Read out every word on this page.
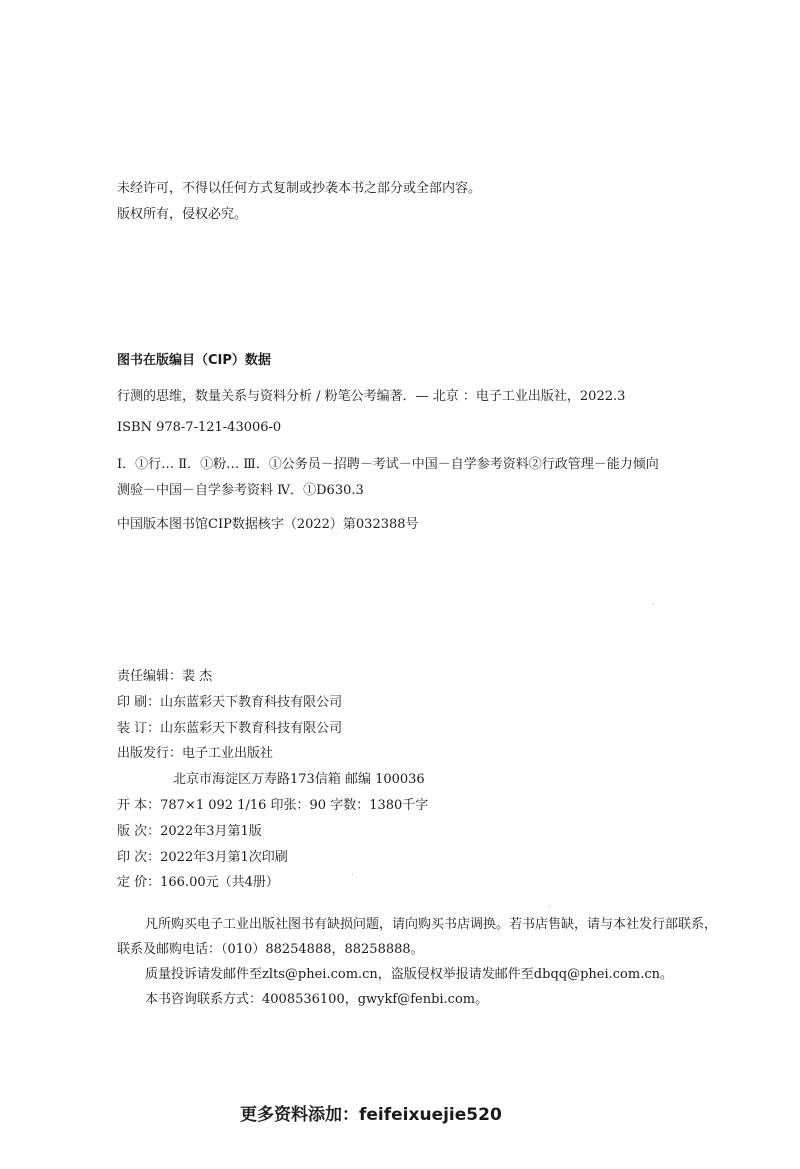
未经许可，不得以任何方式复制或抄袭本书之部分或全部内容。
版权所有，侵权必究。
图书在版编目（CIP）数据
行测的思维，数量关系与资料分析 / 粉笔公考编著．— 北京 ：电子工业出版社，2022.3
ISBN 978-7-121-43006-0
Ⅰ．①行… Ⅱ．①粉… Ⅲ．①公务员－招聘－考试－中国－自学参考资料②行政管理－能力倾向
测验－中国－自学参考资料 Ⅳ．①D630.3
中国版本图书馆CIP数据核字（2022）第032388号
责任编辑： 裴 杰
印 刷： 山东蓝彩天下教育科技有限公司
装 订： 山东蓝彩天下教育科技有限公司
出版发行： 电子工业出版社
北京市海淀区万寿路173信箱 邮编 100036
开 本： 787×1 092 1/16 印张：90 字数：1380千字
版 次： 2022年3月第1版
印 次： 2022年3月第1次印刷
定 价： 166.00元（共4册）

凡所购买电子工业出版社图书有缺损问题，请向购买书店调换。若书店售缺，请与本社发行部联系，联系及邮购电话：（010）88254888，88258888。

质量投诉请发邮件至zlts@phei.com.cn，盗版侵权举报请发邮件至dbqq@phei.com.cn。

本书咨询联系方式：4008536100，gwykf@fenbi.com。

更多资料添加：feifeixuejie520
·
·
·
